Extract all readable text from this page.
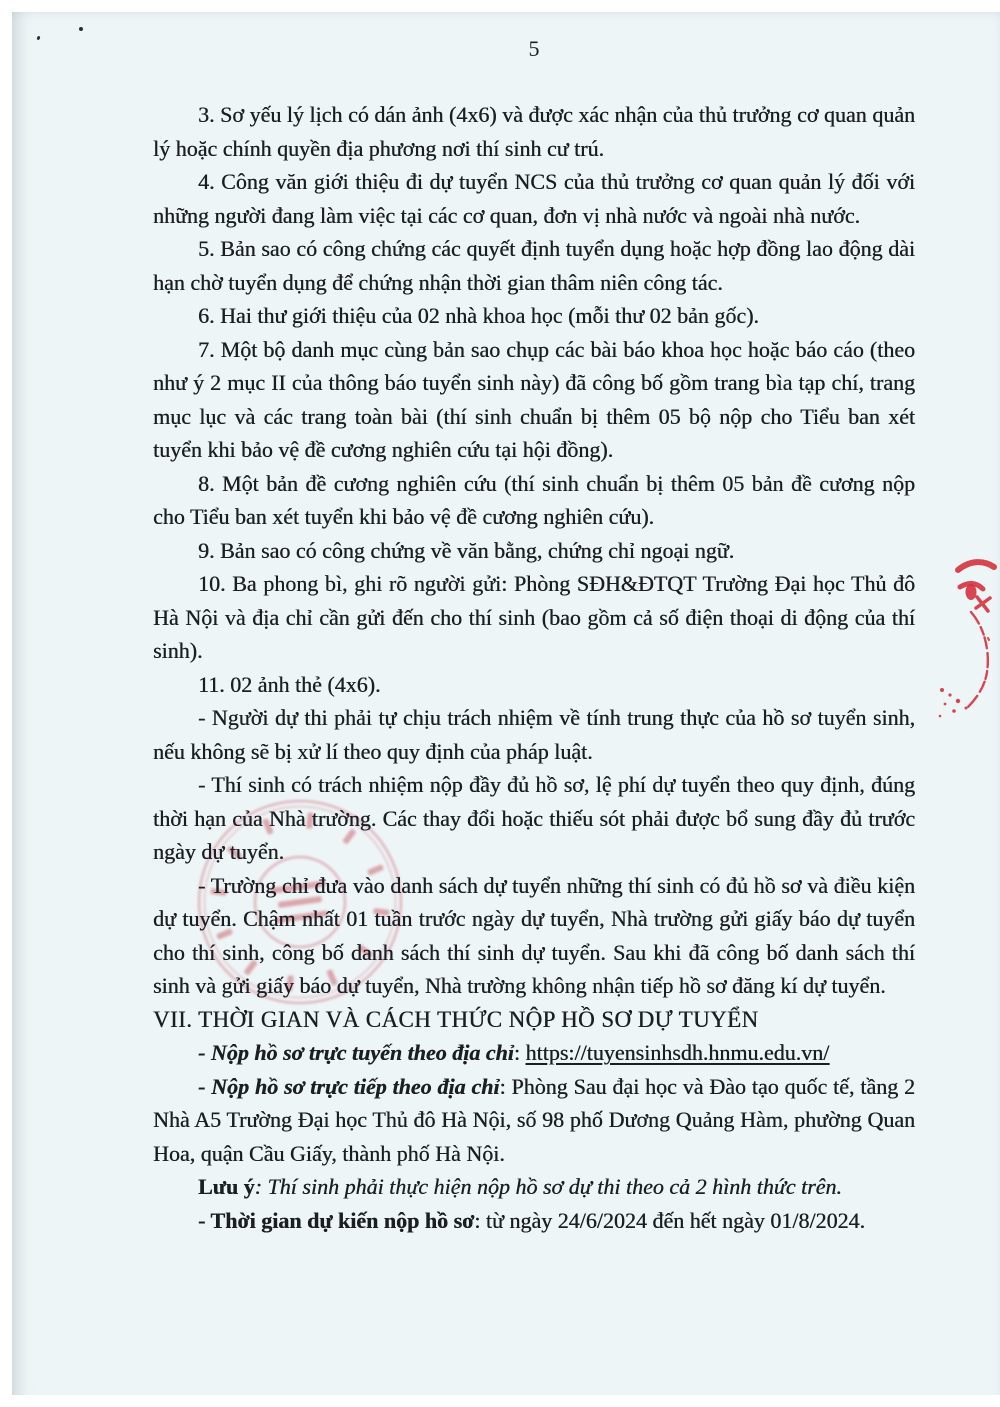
5

3. Sơ yếu lý lịch có dán ảnh (4x6) và được xác nhận của thủ trưởng cơ quan quản lý hoặc chính quyền địa phương nơi thí sinh cư trú.

4. Công văn giới thiệu đi dự tuyển NCS của thủ trưởng cơ quan quản lý đối với những người đang làm việc tại các cơ quan, đơn vị nhà nước và ngoài nhà nước.

5. Bản sao có công chứng các quyết định tuyển dụng hoặc hợp đồng lao động dài hạn chờ tuyển dụng để chứng nhận thời gian thâm niên công tác.

6. Hai thư giới thiệu của 02 nhà khoa học (mỗi thư 02 bản gốc).

7. Một bộ danh mục cùng bản sao chụp các bài báo khoa học hoặc báo cáo (theo như ý 2 mục II của thông báo tuyển sinh này) đã công bố gồm trang bìa tạp chí, trang mục lục và các trang toàn bài (thí sinh chuẩn bị thêm 05 bộ nộp cho Tiểu ban xét tuyển khi bảo vệ đề cương nghiên cứu tại hội đồng).

8. Một bản đề cương nghiên cứu (thí sinh chuẩn bị thêm 05 bản đề cương nộp cho Tiểu ban xét tuyển khi bảo vệ đề cương nghiên cứu).

9. Bản sao có công chứng về văn bằng, chứng chỉ ngoại ngữ.

10. Ba phong bì, ghi rõ người gửi: Phòng SĐH&ĐTQT Trường Đại học Thủ đô Hà Nội và địa chỉ cần gửi đến cho thí sinh (bao gồm cả số điện thoại di động của thí sinh).

11. 02 ảnh thẻ (4x6).

- Người dự thi phải tự chịu trách nhiệm về tính trung thực của hồ sơ tuyển sinh, nếu không sẽ bị xử lí theo quy định của pháp luật.

- Thí sinh có trách nhiệm nộp đầy đủ hồ sơ, lệ phí dự tuyển theo quy định, đúng thời hạn của Nhà trường. Các thay đổi hoặc thiếu sót phải được bổ sung đầy đủ trước ngày dự tuyển.

- Trường chỉ đưa vào danh sách dự tuyển những thí sinh có đủ hồ sơ và điều kiện dự tuyển. Chậm nhất 01 tuần trước ngày dự tuyển, Nhà trường gửi giấy báo dự tuyển cho thí sinh, công bố danh sách thí sinh dự tuyển. Sau khi đã công bố danh sách thí sinh và gửi giấy báo dự tuyển, Nhà trường không nhận tiếp hồ sơ đăng kí dự tuyển.

VII. THỜI GIAN VÀ CÁCH THỨC NỘP HỒ SƠ DỰ TUYỂN

- Nộp hồ sơ trực tuyến theo địa chỉ: https://tuyensinhsdh.hnmu.edu.vn/

- Nộp hồ sơ trực tiếp theo địa chỉ: Phòng Sau đại học và Đào tạo quốc tế, tầng 2 Nhà A5 Trường Đại học Thủ đô Hà Nội, số 98 phố Dương Quảng Hàm, phường Quan Hoa, quận Cầu Giấy, thành phố Hà Nội.

Lưu ý: Thí sinh phải thực hiện nộp hồ sơ dự thi theo cả 2 hình thức trên.

- Thời gian dự kiến nộp hồ sơ: từ ngày 24/6/2024 đến hết ngày 01/8/2024.
